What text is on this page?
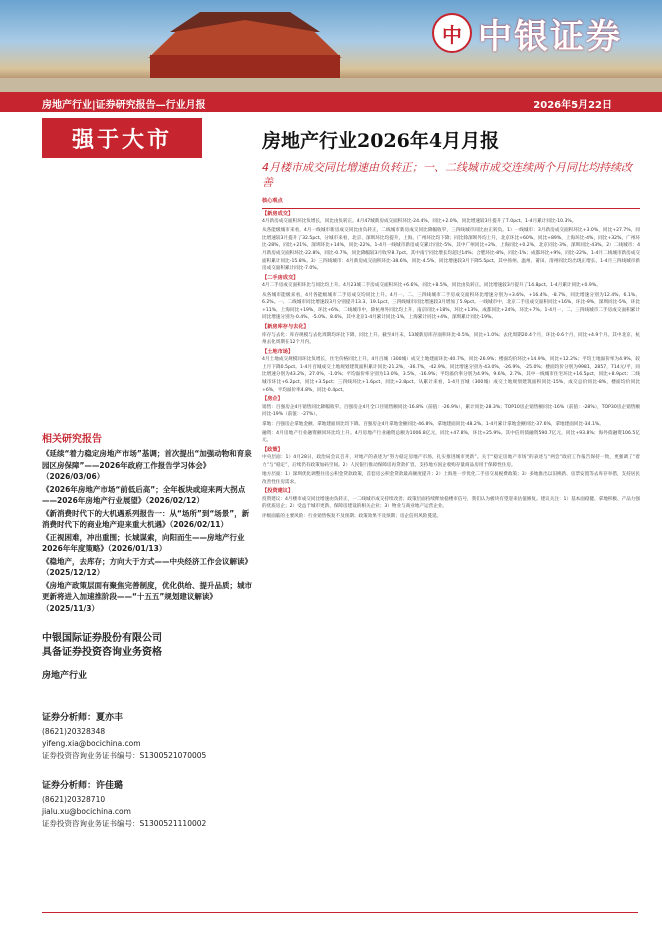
中 中银证券
房地产行业|证券研究报告—行业月报	2026年5月22日
强于大市	房地产行业2026年4月月报
4月楼市成交同比增速由负转正；一、二线城市成交连续两个月同比均持续改善
相关研究报告
《延续“着力稳定房地产市场”基调；首次提出“加强动物和育泉园区房保障”——2026年政府工作报告学习体会》（2026/03/06）
《2026年房地产市场“前低后高”；全年板块或迎来两大拐点——2026年房地产行业展望》（2026/02/12）
《新消费时代下的大机遇系列报告一：从“场所”到“场景”，新消费时代下的商业地产迎来重大机遇》（2026/02/11）
《正视困难，冲出重围；长城谋索，向阳而生——房地产行业2026年年度策略》（2026/01/13）
《稳地产，去库存；方向大于方式——中央经济工作会议解读》（2025/12/12）
《房地产政策层面有聚焦完善制度，优化供给、提升品质；城市更新将进入加速推阶段——“十五五”规划建议解读》（2025/11/3）
中银国际证券股份有限公司
具备证券投资咨询业务资格
房地产行业
证券分析师：夏亦丰
(8621)20328348
yifeng.xia@bocichina.com
证券投资咨询业务证书编号：S1300521070005
证券分析师：许佳璐
(8621)20328710
jialu.xu@bocichina.com
证券投资咨询业务证书编号：S1300521110002
核心观点
【新房成交】

4月新房成交面积环比负增长，同比由负转正。4月47城新房成交面积环比-24.4%，同比+2.0%，同比增速较3月提升了7.0pct。1-4月累计同比-10.3%。

从各能级城市来看，4月一线城市新房成交同比由负转正，二线城市新房成交同比降幅收窄，三四线城市同比由正转负。1）一线城市：3月新房成交面积环比+3.0%，同比+27.7%，同比增速较3月提升了32.5pct。分城市来看，北京、深圳环比均提升，上海、广州环比均下降；同比除深圳外均上升，北京环比+60%，同比+89%，上海环比-4%，同比+32%，广州环比-28%，同比+21%，深圳环比+14%，同比-22%。1-4月一线城市新房成交累计同比-5%，其中广州同比+2%，上海同比+0.2%，北京同比-3%，深圳同比-43%。2）二线城市：4月新房成交面积环比-22.8%，同比-0.7%，同比降幅较3月收窄8.7pct。其中南宁同比增长均超过14%；合肥环比-8%，同比-1%；成都环比+9%，同比-22%。1-4月二线城市新房成交面积累计同比-15.8%。3）三四线城市：4月新房成交面积环比-38.6%，同比-4.5%，同比增速较3月下降5.5pct。其中扬州、温州、莆田、清州同比均出现正增长。1-4月三四线城市新房成交面积累计同比-7.0%。

【二手房成交】

4月二手房成交面积环比与同比均上升。4月23城二手房成交面积环比+6.6%，同比+8.5%，同比由负转正。同比增速较3月提升了14.8pct。1-4月累计同比+0.9%。

从各城市能级来看，4月各能级城市二手房成交均同比上升。4月一、二、三四线城市二手房成交面积环比增速分别为+3.6%、+16.4%、-8.7%，同比增速分别为12.4%、6.1%、6.2%。一、二线城市同比增速较3月分别提升13.3、19.1pct，三四线城市同比增速较3月增加了5.9pct。一线城市中，北京二手房成交面积同比+16%，环比-9%，深圳同比-5%，环比+11%，上海同比+19%，环比+6%。二线城市中，除杭州外同比均上升，南京同比+18%，环比+13%，成都同比+24%，环比+7%。1-4月一、二、三四线城市二手房成交面积累计同比增速分别为-0.4%、-5.0%、8.6%，其中北京1-4月累计同比-1%，上海累计同比+4%，深圳累计同比-19%。

【新房库存与去化】

库存与去化：库存规模与去化周期均环比下降，同比上升。截至4月末，13城新房库存面积环比-0.5%，同比+1.0%；去化周期20.4个月，环比-0.6个月，同比+4.9个月。其中北京、杭州去化周期在12个月内。

【土地市场】

4月土地成交规模同环比负增长，住宅价格同比上升。4月百城（300城）成交土地建面环比-40.7%，同比-26.9%；楼面均价环比+14.9%，同比+12.2%；平均土地溢价率为4.9%，较上月下降0.5pct。1-4月百城成交土地规划建筑面积累计同比-21.2%，-36.7%，-42.9%。同比增速分别为-43.0%，-26.9%，-25.0%；楼面均价分别为9981，2857，714元/平，同比增速分别为43.2%，27.0%，-1.0%；平均溢价率分别为13.0%，3.5%，-16.9%；平均溢价率分别为4.9%，9.6%，2.7%。其中一线城市住宅环比+16.5pct，同比+8.9pct；二线城市环比+6.2pct，同比+3.5pct；三四线环比+1.6pct，同比+2.8pct。从累计来看，1-4月百城（300城）成交土地规划建筑面积同比-15%，成交总价同比-8%，楼面均价同比+6%，平均溢价率4.8%，同比-0.4pct。

【房企】

销售：百强房企4月销售同比降幅收窄。百强房企4月全口径销售额同比-16.8%（前值：-26.9%），累计同比-28.3%；TOP10房企销售额同比-16%（前值：-28%），TOP30房企销售额同比-19%（前值：-27%）。

拿地：百强房企拿地金额、拿地建面同比均下降。百强房企4月拿地金额同比-46.8%，拿地建面同比-48.2%。1-4月累计拿地金额同比-37.6%，拿地建面同比-34.1%。

融资：4月房地产行业融资额同环比均上升。4月房地产行业融资总额为1006.8亿元，同比+47.8%，环比+25.9%。其中信用债融资590.7亿元，同比+93.8%；海外债融资106.5亿元。

【政策】

中央层面：1）4月28日，政治局会议召开，对地产的表述为“努力稳定房地产市场，扎实推进城市更新”。关于“稳定房地产市场”的表述与“两会”政府工作报告保持一致，更强调了“着力”与“稳定”，后续仍有政策加码空间。2）人民银行推动保障房再贷款扩容，支持地方国企收购存量商品房用于保障性住房。

地方层面：1）深圳优化调整住房公积金贷款政策，首套房公积金贷款最高额度提升；2）上海进一步优化二手房交易税费政策；3）多地推出以旧换新、房票安置等去库存举措，支持居民改善性住房需求。

【投资建议】

投资建议：4月楼市成交同比增速由负转正，一二线城市成交持续改善；政策层面持续释放稳楼市信号，我们认为板块有望迎来估值修复。建议关注：1）基本面稳健、拿地积极、产品力强的优质房企；2）受益于城市更新、保障房建设的相关企业；3）物业与商业地产运营企业。

评级面临的主要风险：行业销售恢复不及预期；政策效果不及预期；房企信用风险蔓延。
